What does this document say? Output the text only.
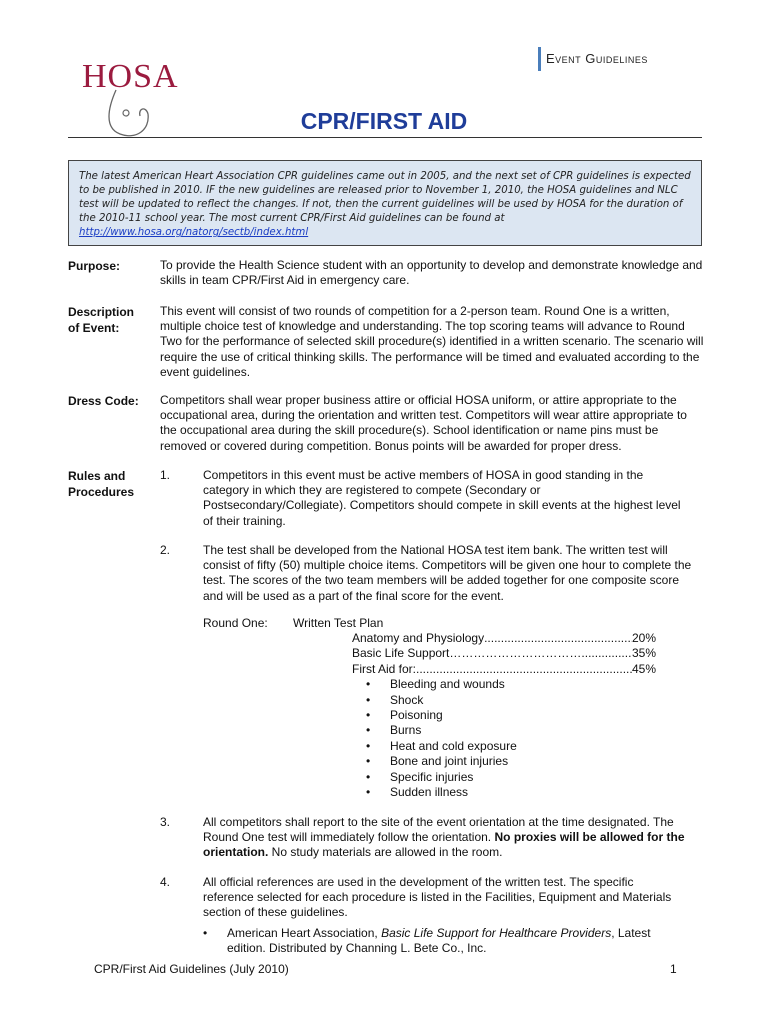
HOSA	Event Guidelines
CPR/FIRST AID
The latest American Heart Association CPR guidelines came out in 2005, and the next set of CPR guidelines is expected to be published in 2010. IF the new guidelines are released prior to November 1, 2010, the HOSA guidelines and NLC test will be updated to reflect the changes. If not, then the current guidelines will be used by HOSA for the duration of the 2010-11 school year. The most current CPR/First Aid guidelines can be found at http://www.hosa.org/natorg/sectb/index.html
Purpose:	To provide the Health Science student with an opportunity to develop and demonstrate knowledge and skills in team CPR/First Aid in emergency care.
Description
of Event:
This event will consist of two rounds of competition for a 2-person team. Round One is a written, multiple choice test of knowledge and understanding. The top scoring teams will advance to Round Two for the performance of selected skill procedure(s) identified in a written scenario. The scenario will require the use of critical thinking skills. The performance will be timed and evaluated according to the event guidelines.
Dress Code: Competitors shall wear proper business attire or official HOSA uniform, or attire appropriate to the occupational area, during the orientation and written test. Competitors will wear attire appropriate to the occupational area during the skill procedure(s). School identification or name pins must be removed or covered during competition. Bonus points will be awarded for proper dress.
Rules and
Procedures
1.	Competitors in this event must be active members of HOSA in good standing in the category in which they are registered to compete (Secondary or Postsecondary/Collegiate). Competitors should compete in skill events at the highest level of their training.
2.	The test shall be developed from the National HOSA test item bank. The written test will consist of fifty (50) multiple choice items. Competitors will be given one hour to complete the test. The scores of the two team members will be added together for one composite score and will be used as a part of the final score for the event.
Round One: Written Test Plan
Anatomy and Physiology .....	20%
Basic Life Support…………………………….. .....	35%
First Aid for: .....	45%
• Bleeding and wounds
• Shock
• Poisoning
• Burns
• Heat and cold exposure
• Bone and joint injuries
• Specific injuries
• Sudden illness
3.	All competitors shall report to the site of the event orientation at the time designated. The Round One test will immediately follow the orientation. No proxies will be allowed for the orientation. No study materials are allowed in the room.
4.	All official references are used in the development of the written test. The specific reference selected for each procedure is listed in the Facilities, Equipment and Materials section of these guidelines.
• American Heart Association, Basic Life Support for Healthcare Providers, Latest edition. Distributed by Channing L. Bete Co., Inc.
CPR/First Aid Guidelines (July 2010)	1
